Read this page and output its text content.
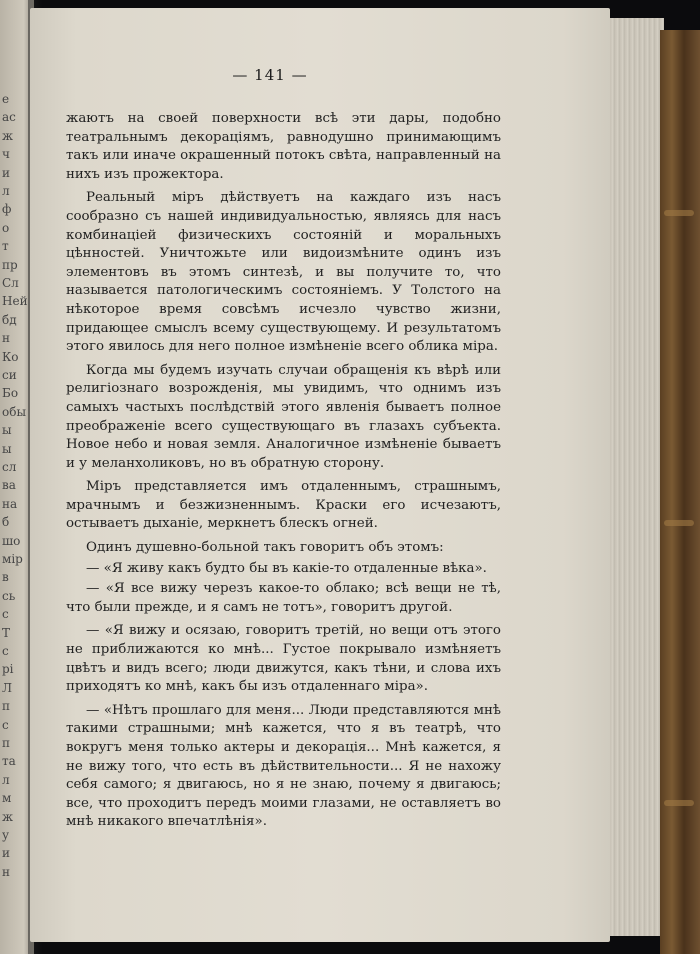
e
ac
ж
ч
и
л
ф
о
т
пр
Сл
Ней
бд
н
Ко
си
Бо
обы
ы
ы
сл
ва
на
б
шо
мір
в
сь
с
Т
с
рі
Л
п
с
п
та
л
м
ж
у
и
н
— 141 —

жаютъ на своей поверхности всѣ эти дары, подобно театральнымъ декораціямъ, равнодушно принимающимъ такъ или иначе окрашенный потокъ свѣта, направленный на нихъ изъ прожектора.

Реальный міръ дѣйствуетъ на каждаго изъ насъ сообразно съ нашей индивидуальностью, являясь для насъ комбинаціей физическихъ состояній и моральныхъ цѣнностей. Уничтожьте или видоизмѣните одинъ изъ элементовъ въ этомъ синтезѣ, и вы получите то, что называется патологическимъ состояніемъ. У Толстого на нѣкоторое время совсѣмъ исчезло чувство жизни, придающее смыслъ всему существующему. И результатомъ этого явилось для него полное измѣненіе всего облика міра.

Когда мы будемъ изучать случаи обращенія къ вѣрѣ или религіознаго возрожденія, мы увидимъ, что однимъ изъ самыхъ частыхъ послѣдствій этого явленія бываетъ полное преображеніе всего существующаго въ глазахъ субъекта. Новое небо и новая земля. Аналогичное измѣненіе бываетъ и у меланхоликовъ, но въ обратную сторону.

Міръ представляется имъ отдаленнымъ, страшнымъ, мрачнымъ и безжизненнымъ. Краски его исчезаютъ, остываетъ дыханіе, меркнетъ блескъ огней.

Одинъ душевно-больной такъ говоритъ объ этомъ:

— «Я живу какъ будто бы въ какіе-то отдаленные вѣка».

— «Я все вижу черезъ какое-то облако; всѣ вещи не тѣ, что были прежде, и я самъ не тотъ», говоритъ другой.

— «Я вижу и осязаю, говоритъ третій, но вещи отъ этого не приближаются ко мнѣ... Густое покрывало измѣняетъ цвѣтъ и видъ всего; люди движутся, какъ тѣни, и слова ихъ приходятъ ко мнѣ, какъ бы изъ отдаленнаго міра».

— «Нѣтъ прошлаго для меня... Люди представляются мнѣ такими страшными; мнѣ кажется, что я въ театрѣ, что вокругъ меня только актеры и декорація... Мнѣ кажется, я не вижу того, что есть въ дѣйствительности... Я не нахожу себя самого; я двигаюсь, но я не знаю, почему я двигаюсь; все, что проходитъ передъ моими глазами, не оставляетъ во мнѣ никакого впечатлѣнія».
